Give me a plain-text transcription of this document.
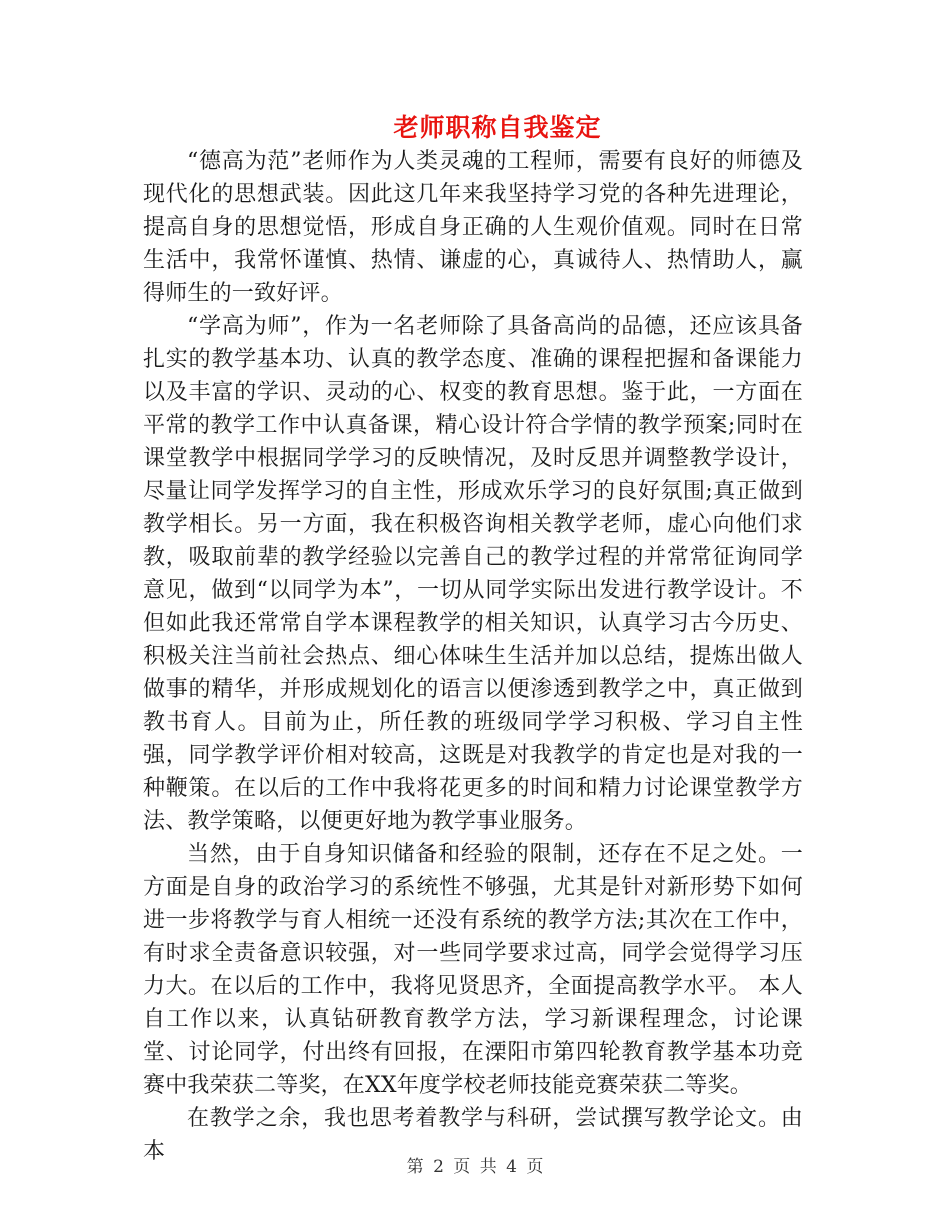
老师职称自我鉴定

“德高为范”老师作为人类灵魂的工程师，需要有良好的师德及现代化的思想武装。因此这几年来我坚持学习党的各种先进理论，提高自身的思想觉悟，形成自身正确的人生观价值观。同时在日常生活中，我常怀谨慎、热情、谦虚的心，真诚待人、热情助人，赢得师生的一致好评。

“学高为师”，作为一名老师除了具备高尚的品德，还应该具备扎实的教学基本功、认真的教学态度、准确的课程把握和备课能力以及丰富的学识、灵动的心、权变的教育思想。鉴于此，一方面在平常的教学工作中认真备课，精心设计符合学情的教学预案;同时在课堂教学中根据同学学习的反映情况，及时反思并调整教学设计，尽量让同学发挥学习的自主性，形成欢乐学习的良好氛围;真正做到教学相长。另一方面，我在积极咨询相关教学老师，虚心向他们求教，吸取前辈的教学经验以完善自己的教学过程的并常常征询同学意见，做到“以同学为本”，一切从同学实际出发进行教学设计。不但如此我还常常自学本课程教学的相关知识，认真学习古今历史、积极关注当前社会热点、细心体味生生活并加以总结，提炼出做人做事的精华，并形成规划化的语言以便渗透到教学之中，真正做到教书育人。目前为止，所任教的班级同学学习积极、学习自主性强，同学教学评价相对较高，这既是对我教学的肯定也是对我的一种鞭策。在以后的工作中我将花更多的时间和精力讨论课堂教学方法、教学策略，以便更好地为教学事业服务。

当然，由于自身知识储备和经验的限制，还存在不足之处。一方面是自身的政治学习的系统性不够强，尤其是针对新形势下如何进一步将教学与育人相统一还没有系统的教学方法;其次在工作中，有时求全责备意识较强，对一些同学要求过高，同学会觉得学习压力大。在以后的工作中，我将见贤思齐，全面提高教学水平。 本人自工作以来，认真钻研教育教学方法，学习新课程理念，讨论课堂、讨论同学，付出终有回报，在溧阳市第四轮教育教学基本功竞赛中我荣获二等奖，在XX年度学校老师技能竞赛荣获二等奖。

在教学之余，我也思考着教学与科研，尝试撰写教学论文。由本

第 2 页 共 4 页
